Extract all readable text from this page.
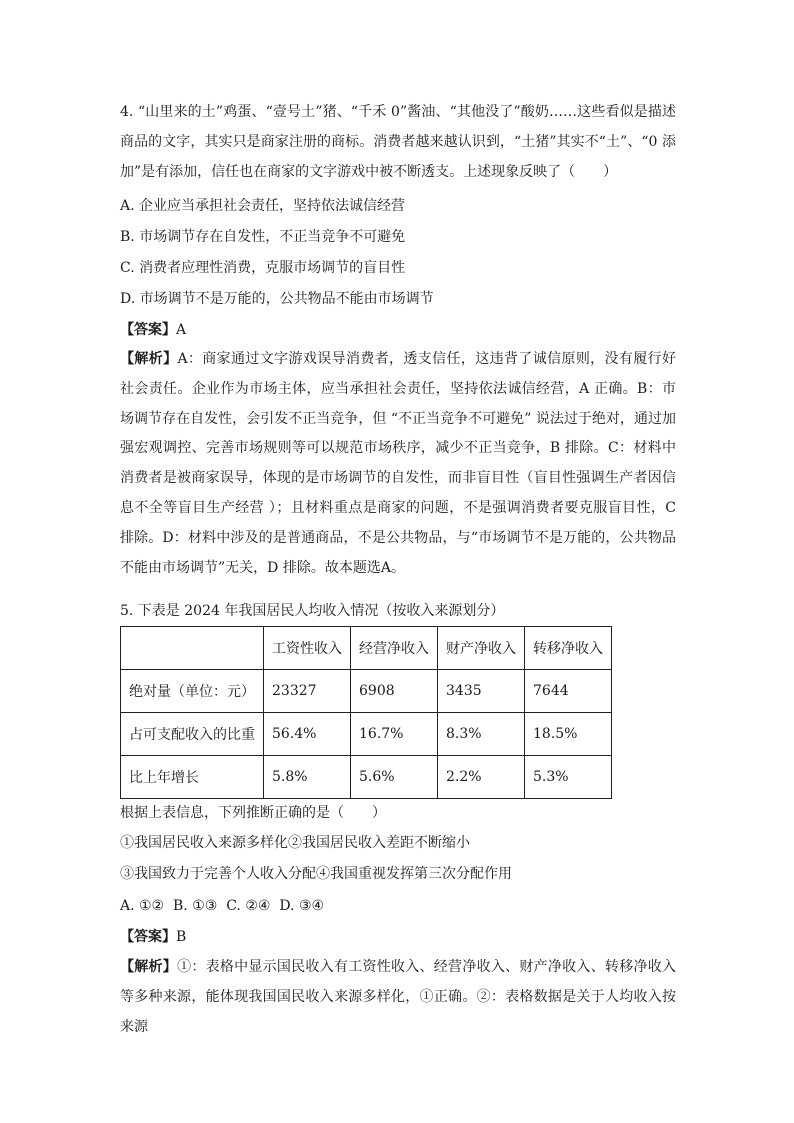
4. “山里来的土”鸡蛋、“壹号土”猪、“千禾 0”酱油、“其他没了”酸奶……这些看似是描述商品的文字，其实只是商家注册的商标。消费者越来越认识到，“土猪”其实不“土”、“0 添加”是有添加，信任也在商家的文字游戏中被不断透支。上述现象反映了（　　）

A. 企业应当承担社会责任，坚持依法诚信经营

B. 市场调节存在自发性，不正当竞争不可避免

C. 消费者应理性消费，克服市场调节的盲目性

D. 市场调节不是万能的，公共物品不能由市场调节

【答案】A

【解析】A：商家通过文字游戏误导消费者，透支信任，这违背了诚信原则，没有履行好社会责任。企业作为市场主体，应当承担社会责任，坚持依法诚信经营，A 正确。B：市场调节存在自发性，会引发不正当竞争，但 “不正当竞争不可避免” 说法过于绝对，通过加强宏观调控、完善市场规则等可以规范市场秩序，减少不正当竞争，B 排除。C：材料中消费者是被商家误导，体现的是市场调节的自发性，而非盲目性（盲目性强调生产者因信息不全等盲目生产经营 ）；且材料重点是商家的问题，不是强调消费者要克服盲目性，C 排除。D：材料中涉及的是普通商品，不是公共物品，与“市场调节不是万能的，公共物品不能由市场调节”无关，D 排除。故本题选A。

5. 下表是 2024 年我国居民人均收入情况（按收入来源划分）

	工资性收入	经营净收入	财产净收入	转移净收入
绝对量（单位：元）	23327	6908	3435	7644
占可支配收入的比重	56.4%	16.7%	8.3%	18.5%
比上年增长	5.8%	5.6%	2.2%	5.3%

根据上表信息，下列推断正确的是（　　）

①我国居民收入来源多样化②我国居民收入差距不断缩小

③我国致力于完善个人收入分配④我国重视发挥第三次分配作用

A. ①②  B. ①③  C. ②④  D. ③④

【答案】B

【解析】①：表格中显示国民收入有工资性收入、经营净收入、财产净收入、转移净收入等多种来源，能体现我国国民收入来源多样化，①正确。②：表格数据是关于人均收入按来源
